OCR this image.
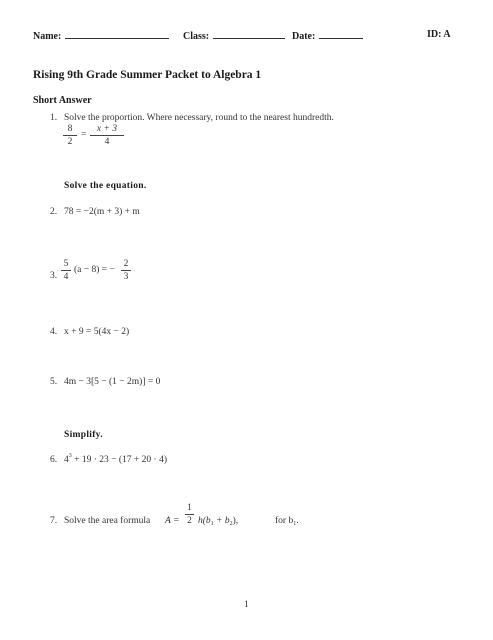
Name:	Class:	Date:	ID: A
Rising 9th Grade Summer Packet to Algebra 1
Short Answer
1. Solve the proportion. Where necessary, round to the nearest hundredth.
$\frac{8}{2} = \frac{x + 3}{4}$
Solve the equation.
2. 78 = −2(m + 3) + m
3. $\frac{5}{4} (a - 8)$ = − $\frac{2}{3}$
4. x + 9 = 5(4x − 2)
5. 4m − 3[5 − (1 − 2m)] = 0
Simplify.
6. $4^3 + 19 \cdot 23 - (17 + 20 \cdot 4)$
7. Solve the area formula $A = \frac{1}{2} h(b_1 + b_2)$,	for $b_1$.
1
